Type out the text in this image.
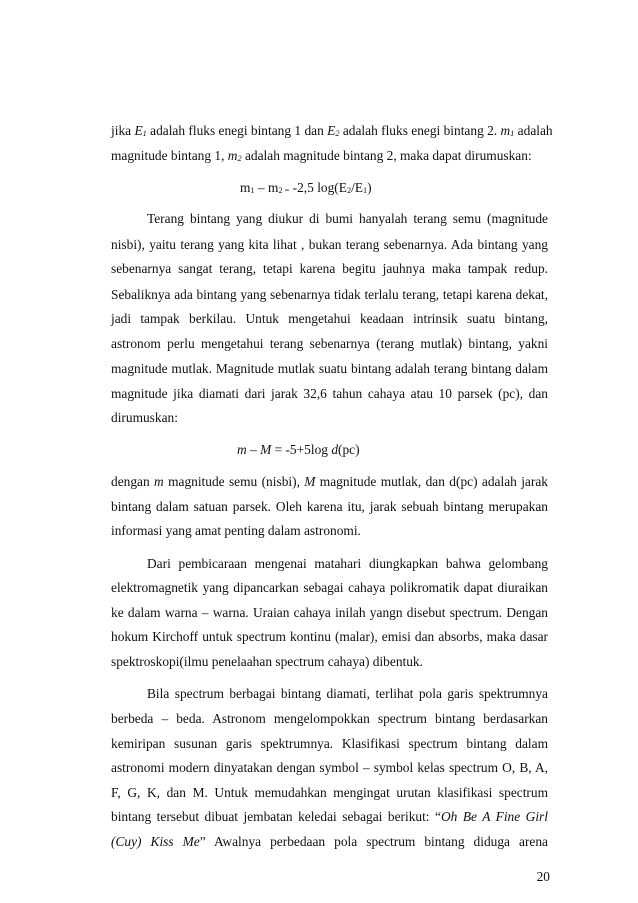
jika $E_1$ adalah fluks enegi bintang 1 dan $E_2$ adalah fluks enegi bintang 2. $m_1$ adalah
magnitude bintang 1, $m_2$ adalah magnitude bintang 2, maka dapat dirumuskan:
$m_1 - m_{2 =}$ -2,5 $\log(E_2/E_1)$
Terang bintang yang diukur di bumi hanyalah terang semu (magnitude
nisbi), yaitu terang yang kita lihat , bukan terang sebenarnya. Ada bintang yang
sebenarnya sangat terang, tetapi karena begitu jauhnya maka tampak redup.
Sebaliknya ada bintang yang sebenarnya tidak terlalu terang, tetapi karena dekat,
jadi tampak berkilau. Untuk mengetahui keadaan intrinsik suatu bintang,
astronom perlu mengetahui terang sebenarnya (terang mutlak) bintang, yakni
magnitude mutlak. Magnitude mutlak suatu bintang adalah terang bintang dalam
magnitude jika diamati dari jarak 32,6 tahun cahaya atau 10 parsek (pc), dan
dirumuskan:
m – M = -5+5log d(pc)
dengan m magnitude semu (nisbi), M magnitude mutlak, dan d(pc) adalah jarak
bintang dalam satuan parsek. Oleh karena itu, jarak sebuah bintang merupakan
informasi yang amat penting dalam astronomi.
Dari pembicaraan mengenai matahari diungkapkan bahwa gelombang
elektromagnetik yang dipancarkan sebagai cahaya polikromatik dapat diuraikan
ke dalam warna – warna. Uraian cahaya inilah yangn disebut spectrum. Dengan
hokum Kirchoff untuk spectrum kontinu (malar), emisi dan absorbs, maka dasar
spektroskopi(ilmu penelaahan spectrum cahaya) dibentuk.
Bila spectrum berbagai bintang diamati, terlihat pola garis spektrumnya
berbeda – beda. Astronom mengelompokkan spectrum bintang berdasarkan
kemiripan susunan garis spektrumnya. Klasifikasi spectrum bintang dalam
astronomi modern dinyatakan dengan symbol – symbol kelas spectrum O, B, A,
F, G, K, dan M. Untuk memudahkan mengingat urutan klasifikasi spectrum
bintang tersebut dibuat jembatan keledai sebagai berikut: “Oh Be A Fine Girl
(Cuy) Kiss Me” Awalnya perbedaan pola spectrum bintang diduga arena
20
